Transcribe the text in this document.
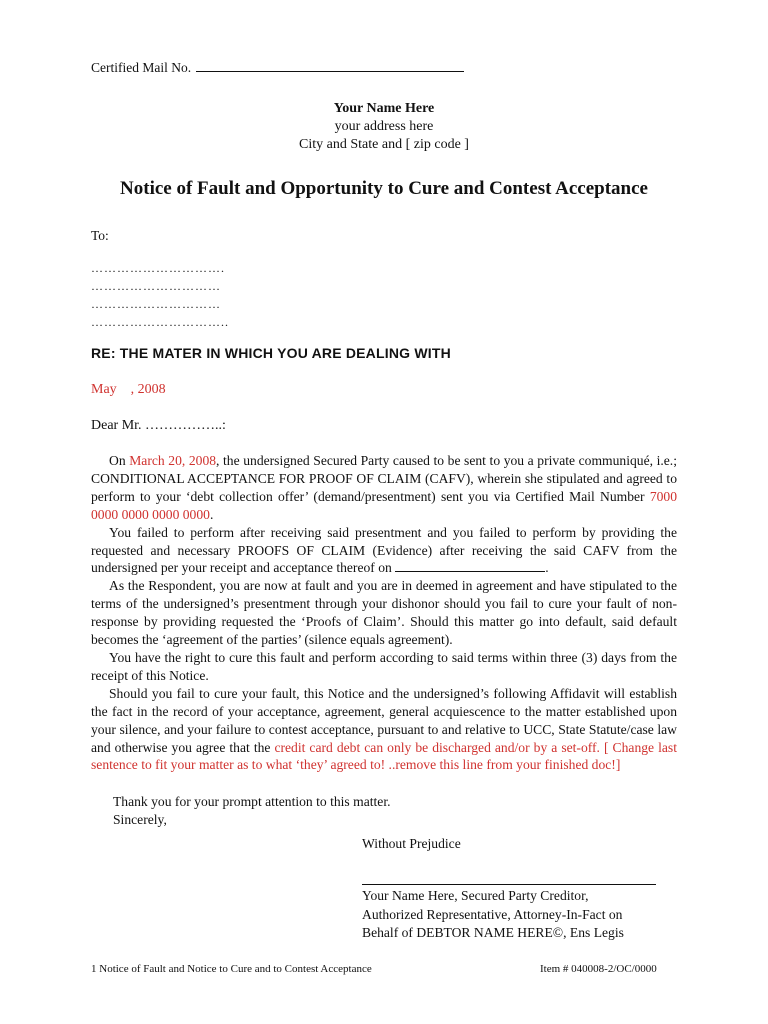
Certified Mail No.
Your Name Here
your address here
City and State and [ zip code ]
Notice of Fault and Opportunity to Cure and Contest Acceptance
To:
………………………….
…………………………
…………………………
…………………………..
RE: THE MATER IN WHICH YOU ARE DEALING WITH
May , 2008
Dear Mr. ……………..:

On March 20, 2008, the undersigned Secured Party caused to be sent to you a private communiqué, i.e.; CONDITIONAL ACCEPTANCE FOR PROOF OF CLAIM (CAFV), wherein she stipulated and agreed to perform to your ‘debt collection offer’ (demand/presentment) sent you via Certified Mail Number 7000 0000 0000 0000 0000.

You failed to perform after receiving said presentment and you failed to perform by providing the requested and necessary PROOFS OF CLAIM (Evidence) after receiving the said CAFV from the undersigned per your receipt and acceptance thereof on	.

As the Respondent, you are now at fault and you are in deemed in agreement and have stipulated to the terms of the undersigned’s presentment through your dishonor should you fail to cure your fault of non-response by providing requested the ‘Proofs of Claim’. Should this matter go into default, said default becomes the ‘agreement of the parties’ (silence equals agreement).

You have the right to cure this fault and perform according to said terms within three (3) days from the receipt of this Notice.

Should you fail to cure your fault, this Notice and the undersigned’s following Affidavit will establish the fact in the record of your acceptance, agreement, general acquiescence to the matter established upon your silence, and your failure to contest acceptance, pursuant to and relative to UCC, State Statute/case law and otherwise you agree that the credit card debt can only be discharged and/or by a set-off. [ Change last sentence to fit your matter as to what ‘they’ agreed to! ..remove this line from your finished doc!]

Thank you for your prompt attention to this matter.
Sincerely,
Without Prejudice
Your Name Here, Secured Party Creditor,
Authorized Representative, Attorney-In-Fact on
Behalf of DEBTOR NAME HERE©, Ens Legis
1 Notice of Fault and Notice to Cure and to Contest Acceptance	Item # 040008-2/OC/0000
